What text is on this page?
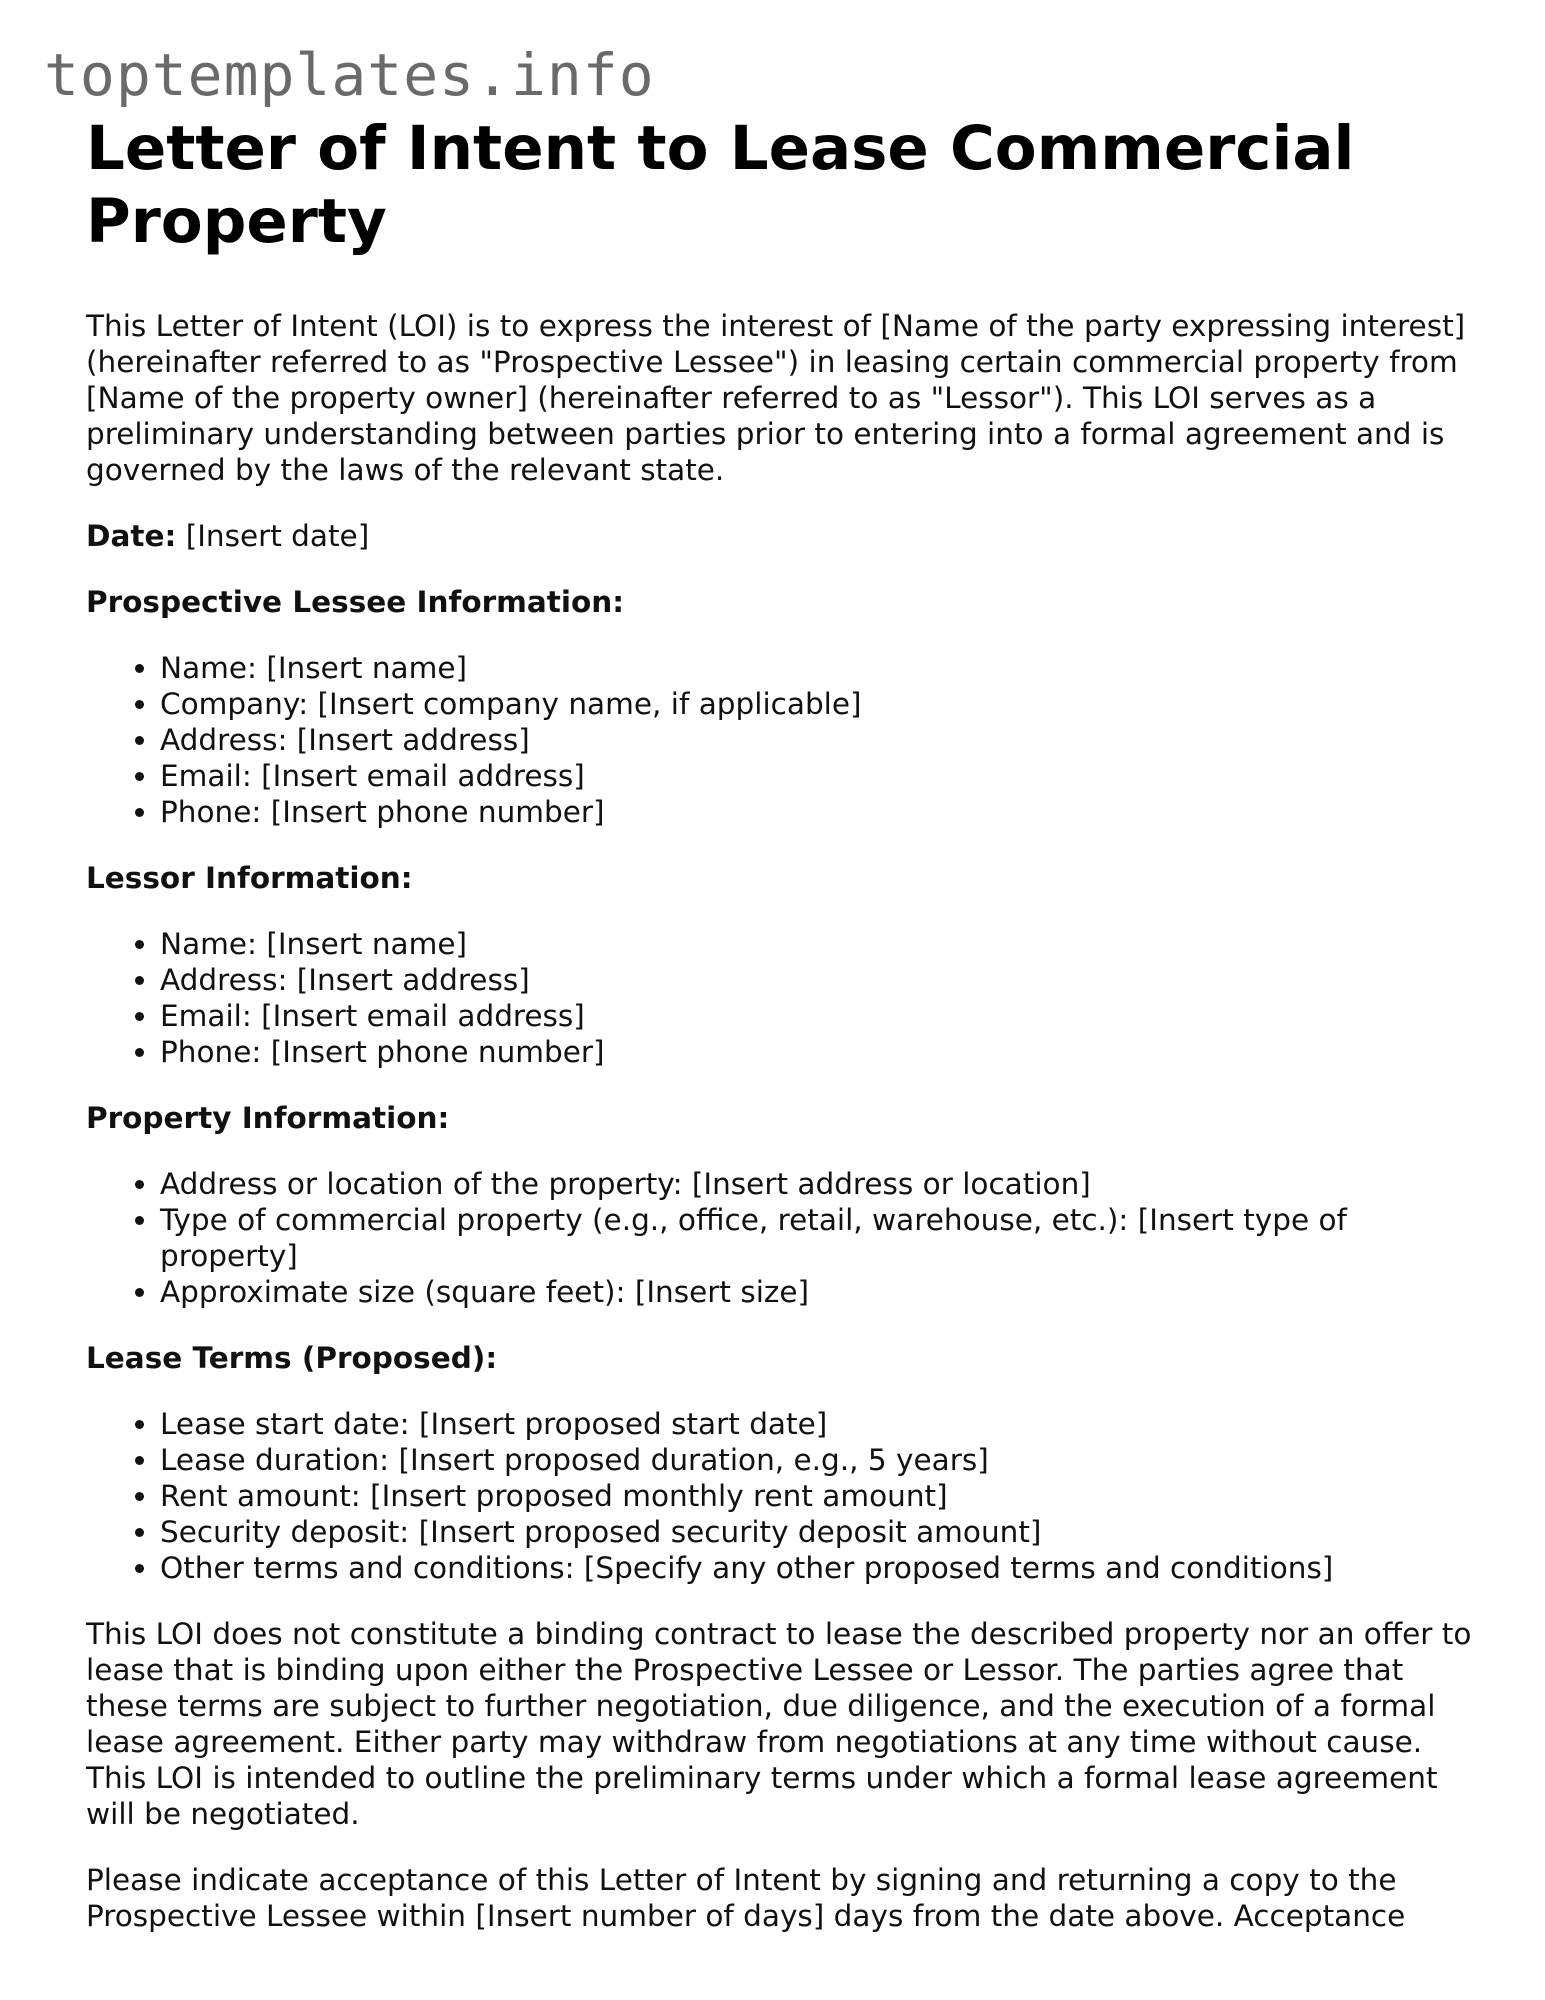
toptemplates.info
Letter of Intent to Lease Commercial Property

This Letter of Intent (LOI) is to express the interest of [Name of the party expressing interest] (hereinafter referred to as "Prospective Lessee") in leasing certain commercial property from [Name of the property owner] (hereinafter referred to as "Lessor"). This LOI serves as a preliminary understanding between parties prior to entering into a formal agreement and is governed by the laws of the relevant state.

Date: [Insert date]

Prospective Lessee Information:
• Name: [Insert name]
• Company: [Insert company name, if applicable]
• Address: [Insert address]
• Email: [Insert email address]
• Phone: [Insert phone number]
Lessor Information:
• Name: [Insert name]
• Address: [Insert address]
• Email: [Insert email address]
• Phone: [Insert phone number]
Property Information:
• Address or location of the property: [Insert address or location]
• Type of commercial property (e.g., office, retail, warehouse, etc.): [Insert type of property]
• Approximate size (square feet): [Insert size]
Lease Terms (Proposed):
• Lease start date: [Insert proposed start date]
• Lease duration: [Insert proposed duration, e.g., 5 years]
• Rent amount: [Insert proposed monthly rent amount]
• Security deposit: [Insert proposed security deposit amount]
• Other terms and conditions: [Specify any other proposed terms and conditions]

This LOI does not constitute a binding contract to lease the described property nor an offer to lease that is binding upon either the Prospective Lessee or Lessor. The parties agree that these terms are subject to further negotiation, due diligence, and the execution of a formal lease agreement. Either party may withdraw from negotiations at any time without cause. This LOI is intended to outline the preliminary terms under which a formal lease agreement will be negotiated.

Please indicate acceptance of this Letter of Intent by signing and returning a copy to the Prospective Lessee within [Insert number of days] days from the date above. Acceptance
